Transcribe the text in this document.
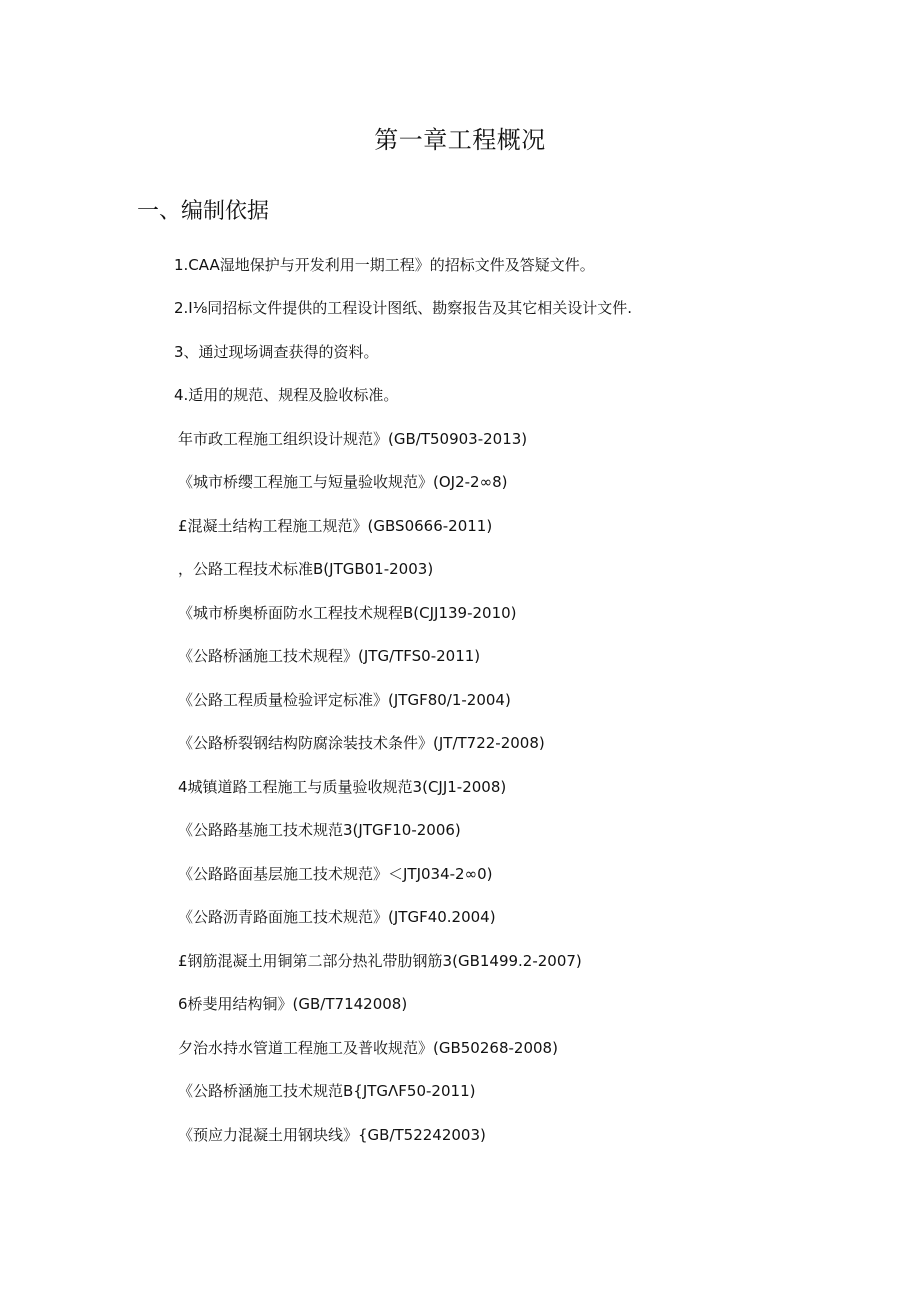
第一章工程概况
一、编制依据
1.CAA湿地保护与开发利用一期工程》的招标文件及答疑文件。
2.I⅛同招标文件提供的工程设计图纸、勘察报告及其它相关设计文件.
3、通过现场调查获得的资料。
4.适用的规范、规程及脸收标准。
年市政工程施工组织设计规范》(GB/T50903-2013)
《城市桥缨工程施工与短量验收规范》(OJ2-2∞8)
£混凝土结构工程施工规范》(GBS0666-2011)
，公路工程技术标准B(JTGB01-2003)
《城市桥奥桥面防水工程技术规程B(CJJ139-2010)
《公路桥涵施工技术规程》(JTG/TFS0-2011)
《公路工程质量检验评定标准》(JTGF80/1-2004)
《公路桥裂钢结构防腐涂装技术条件》(JT/T722-2008)
4城镇道路工程施工与质量验收规范3(CJJ1-2008)
《公路路基施工技术规范3(JTGF10-2006)
《公路路面基层施工技术规范》＜JTJ034-2∞0)
《公路沥青路面施工技术规范》(JTGF40.2004)
£钢筋混凝土用铜第二部分热礼带肋钢筋3(GB1499.2-2007)
6桥斐用结构铜》(GB∕T7142008)
夕治水持水管道工程施工及普收规范》(GB50268-2008)
《公路桥涵施工技术规范B{JTGΛF50-2011)
《预应力混凝土用钢块线》{GB/T52242003)
